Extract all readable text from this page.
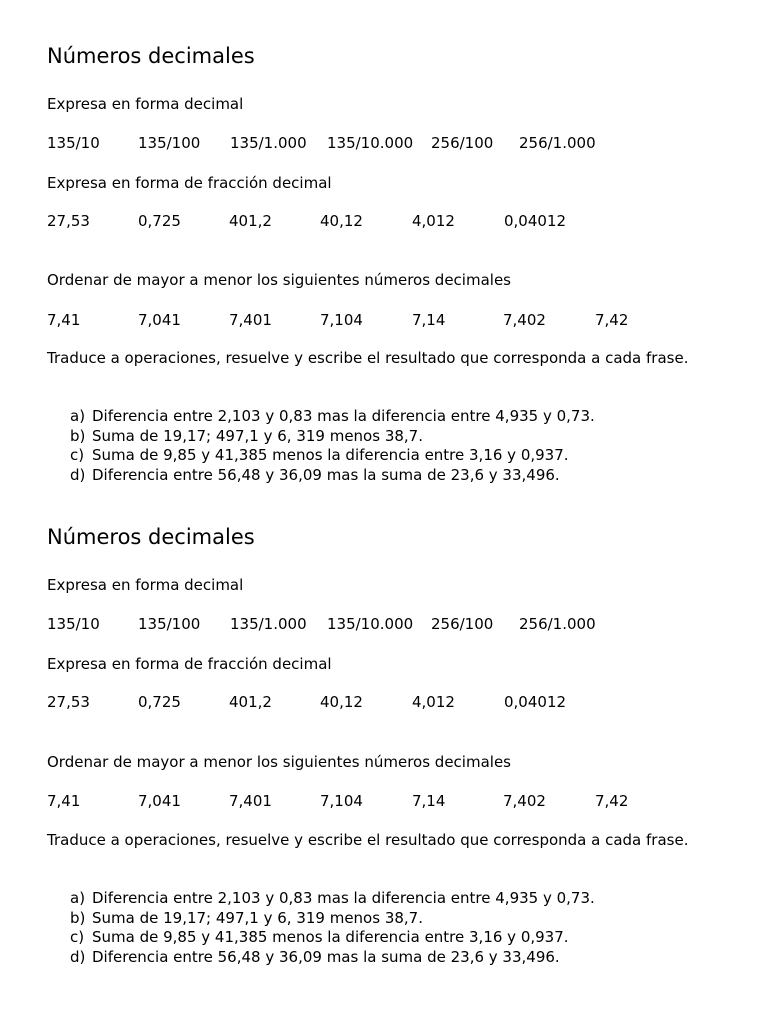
Números decimales
Expresa en forma decimal
135/10	135/100 135/1.000 135/10.000 256/100 256/1.000
Expresa en forma de fracción decimal
27,53	0,725	401,2	40,12	4,012	0,04012
Ordenar de mayor a menor los siguientes números decimales
7,41	7,041	7,401	7,104	7,14	7,402	7,42
Traduce a operaciones, resuelve y escribe el resultado que corresponda a cada frase.
a) Diferencia entre 2,103 y 0,83 mas la diferencia entre 4,935 y 0,73.
b) Suma de 19,17; 497,1 y 6, 319 menos 38,7.
c) Suma de 9,85 y 41,385 menos la diferencia entre 3,16 y 0,937.
d) Diferencia entre 56,48 y 36,09 mas la suma de 23,6 y 33,496.
Números decimales
Expresa en forma decimal
135/10	135/100 135/1.000 135/10.000 256/100 256/1.000
Expresa en forma de fracción decimal
27,53	0,725	401,2	40,12	4,012	0,04012
Ordenar de mayor a menor los siguientes números decimales
7,41	7,041	7,401	7,104	7,14	7,402	7,42
Traduce a operaciones, resuelve y escribe el resultado que corresponda a cada frase.
a) Diferencia entre 2,103 y 0,83 mas la diferencia entre 4,935 y 0,73.
b) Suma de 19,17; 497,1 y 6, 319 menos 38,7.
c) Suma de 9,85 y 41,385 menos la diferencia entre 3,16 y 0,937.
d) Diferencia entre 56,48 y 36,09 mas la suma de 23,6 y 33,496.
